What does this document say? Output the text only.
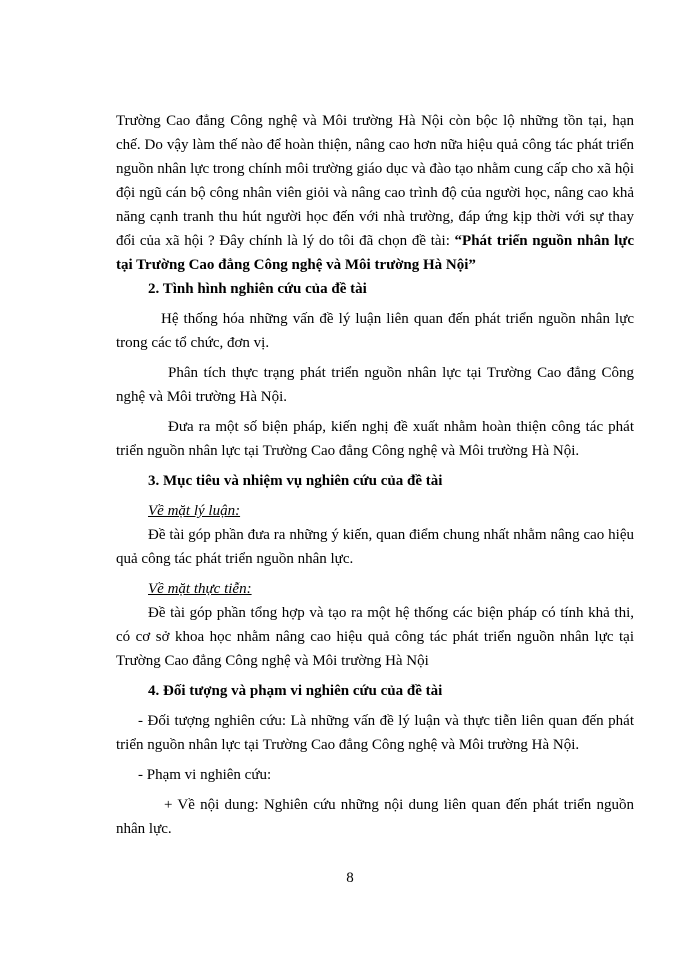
Trường Cao đẳng Công nghệ và Môi trường Hà Nội còn bộc lộ những tồn tại, hạn chế. Do vậy làm thế nào để hoàn thiện, nâng cao hơn nữa hiệu quả công tác phát triển nguồn nhân lực trong chính môi trường giáo dục và đào tạo nhằm cung cấp cho xã hội đội ngũ cán bộ công nhân viên giỏi và nâng cao trình độ của người học, nâng cao khả năng cạnh tranh thu hút người học đến với nhà trường, đáp ứng kịp thời với sự thay đổi của xã hội ? Đây chính là lý do tôi đã chọn đề tài: “Phát triển nguồn nhân lực tại Trường Cao đẳng Công nghệ và Môi trường Hà Nội”

2. Tình hình nghiên cứu của đề tài

Hệ thống hóa những vấn đề lý luận liên quan đến phát triển nguồn nhân lực trong các tổ chức, đơn vị.

Phân tích thực trạng phát triển nguồn nhân lực tại Trường Cao đẳng Công nghệ và Môi trường Hà Nội.

Đưa ra một số biện pháp, kiến nghị đề xuất nhằm hoàn thiện công tác phát triển nguồn nhân lực tại Trường Cao đẳng Công nghệ và Môi trường Hà Nội.

3. Mục tiêu và nhiệm vụ nghiên cứu của đề tài

Về mặt lý luận:

Đề tài góp phần đưa ra những ý kiến, quan điểm chung nhất nhằm nâng cao hiệu quả công tác phát triển nguồn nhân lực.

Về mặt thực tiễn:

Đề tài góp phần tổng hợp và tạo ra một hệ thống các biện pháp có tính khả thi, có cơ sở khoa học nhằm nâng cao hiệu quả công tác phát triển nguồn nhân lực tại Trường Cao đẳng Công nghệ và Môi trường Hà Nội

4. Đối tượng và phạm vi nghiên cứu của đề tài

- Đối tượng nghiên cứu: Là những vấn đề lý luận và thực tiễn liên quan đến phát triển nguồn nhân lực tại Trường Cao đẳng Công nghệ và Môi trường Hà Nội.

- Phạm vi nghiên cứu:

+ Về nội dung: Nghiên cứu những nội dung liên quan đến phát triển nguồn nhân lực.

8
